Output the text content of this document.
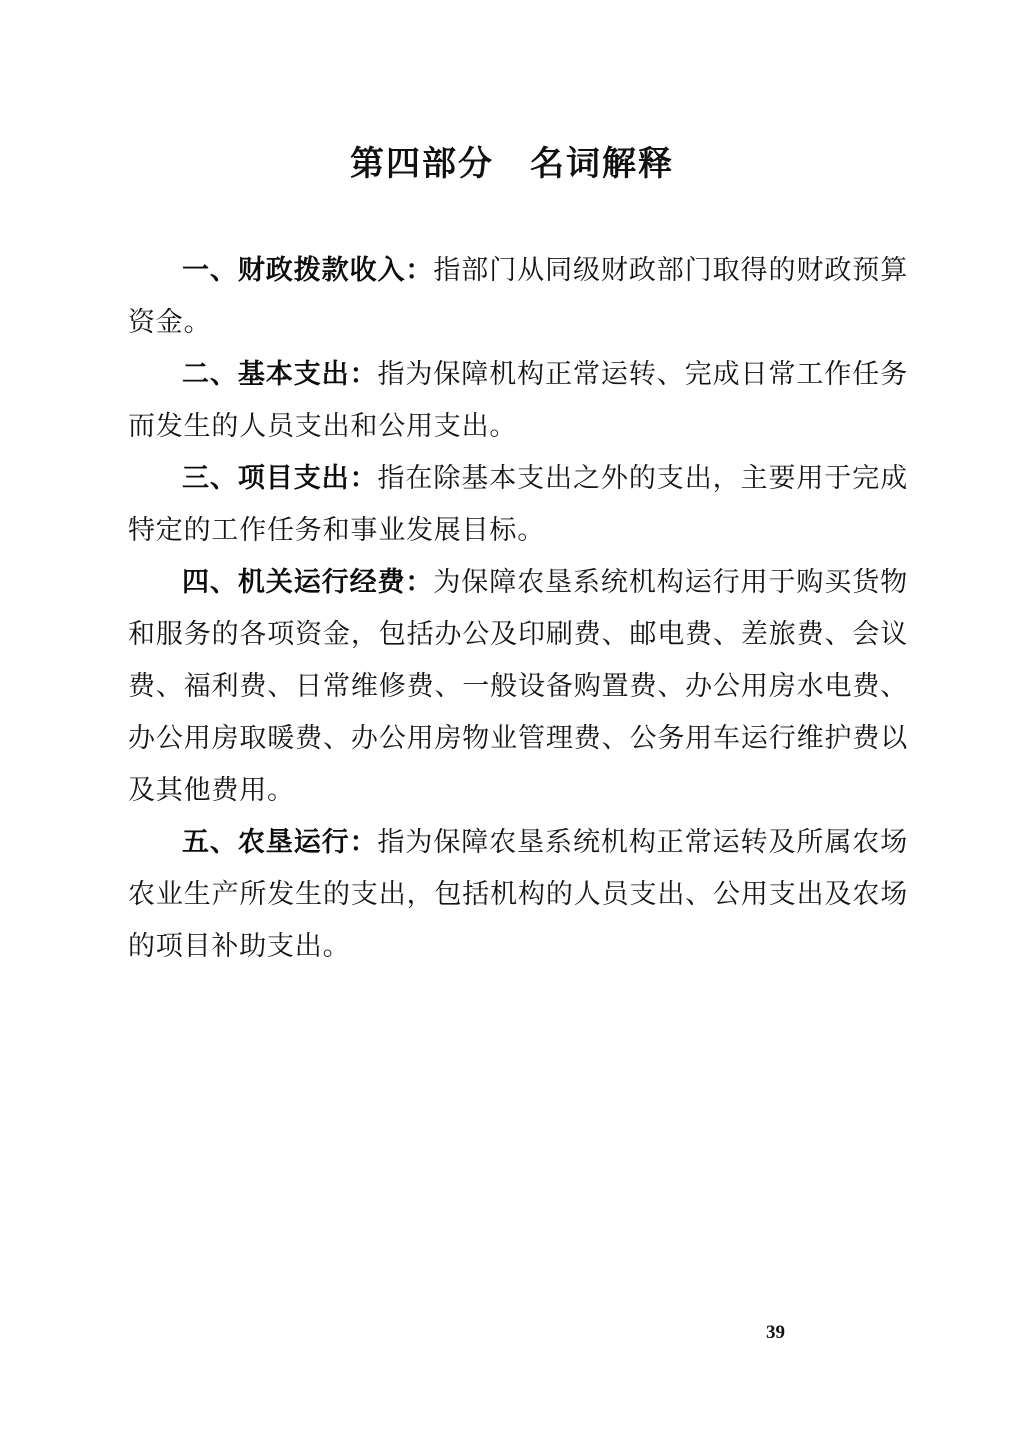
第四部分　名词解释

一、财政拨款收入：指部门从同级财政部门取得的财政预算资金。

二、基本支出：指为保障机构正常运转、完成日常工作任务而发生的人员支出和公用支出。

三、项目支出：指在除基本支出之外的支出，主要用于完成特定的工作任务和事业发展目标。

四、机关运行经费：为保障农垦系统机构运行用于购买货物和服务的各项资金，包括办公及印刷费、邮电费、差旅费、会议费、福利费、日常维修费、一般设备购置费、办公用房水电费、办公用房取暖费、办公用房物业管理费、公务用车运行维护费以及其他费用。

五、农垦运行：指为保障农垦系统机构正常运转及所属农场农业生产所发生的支出，包括机构的人员支出、公用支出及农场的项目补助支出。

39
